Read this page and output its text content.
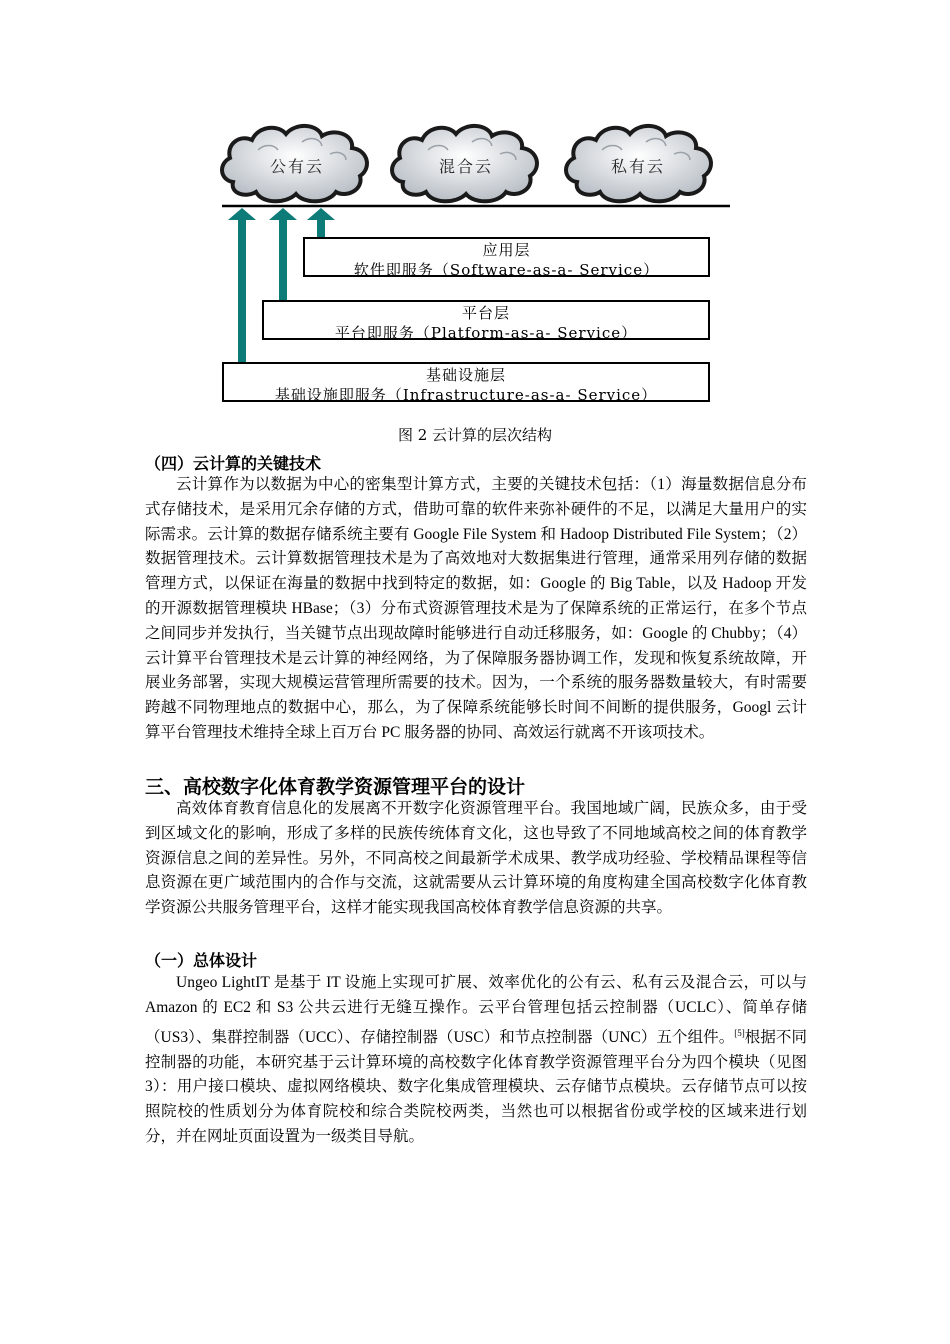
公有云	混合云	私有云
应用层
软件即服务（Software-as-a- Service）
平台层
平台即服务（Platform-as-a- Service）
基础设施层
基础设施即服务（Infrastructure-as-a- Service）
图 2 云计算的层次结构
（四）云计算的关键技术
云计算作为以数据为中心的密集型计算方式，主要的关键技术包括：（1）海量数据信息分布式存储技术，是采用冗余存储的方式，借助可靠的软件来弥补硬件的不足，以满足大量用户的实际需求。云计算的数据存储系统主要有 Google File System 和 Hadoop Distributed File System；（2）数据管理技术。云计算数据管理技术是为了高效地对大数据集进行管理，通常采用列存储的数据管理方式，以保证在海量的数据中找到特定的数据，如：Google 的 Big Table，以及 Hadoop 开发的开源数据管理模块 HBase；（3）分布式资源管理技术是为了保障系统的正常运行，在多个节点之间同步并发执行，当关键节点出现故障时能够进行自动迁移服务，如：Google 的 Chubby；（4）云计算平台管理技术是云计算的神经网络，为了保障服务器协调工作，发现和恢复系统故障，开展业务部署，实现大规模运营管理所需要的技术。因为，一个系统的服务器数量较大，有时需要跨越不同物理地点的数据中心，那么，为了保障系统能够长时间不间断的提供服务，Googl 云计算平台管理技术维持全球上百万台 PC 服务器的协同、高效运行就离不开该项技术。
三、高校数字化体育教学资源管理平台的设计
高效体育教育信息化的发展离不开数字化资源管理平台。我国地域广阔，民族众多，由于受到区域文化的影响，形成了多样的民族传统体育文化，这也导致了不同地域高校之间的体育教学资源信息之间的差异性。另外，不同高校之间最新学术成果、教学成功经验、学校精品课程等信息资源在更广域范围内的合作与交流，这就需要从云计算环境的角度构建全国高校数字化体育教学资源公共服务管理平台，这样才能实现我国高校体育教学信息资源的共享。
（一）总体设计
Ungeo LightIT 是基于 IT 设施上实现可扩展、效率优化的公有云、私有云及混合云，可以与 Amazon 的 EC2 和 S3 公共云进行无缝互操作。云平台管理包括云控制器（UCLC）、简单存储（US3）、集群控制器（UCC）、存储控制器（USC）和节点控制器（UNC）五个组件。[5]根据不同控制器的功能，本研究基于云计算环境的高校数字化体育教学资源管理平台分为四个模块（见图 3）：用户接口模块、虚拟网络模块、数字化集成管理模块、云存储节点模块。云存储节点可以按照院校的性质划分为体育院校和综合类院校两类，当然也可以根据省份或学校的区域来进行划分，并在网址页面设置为一级类目导航。
